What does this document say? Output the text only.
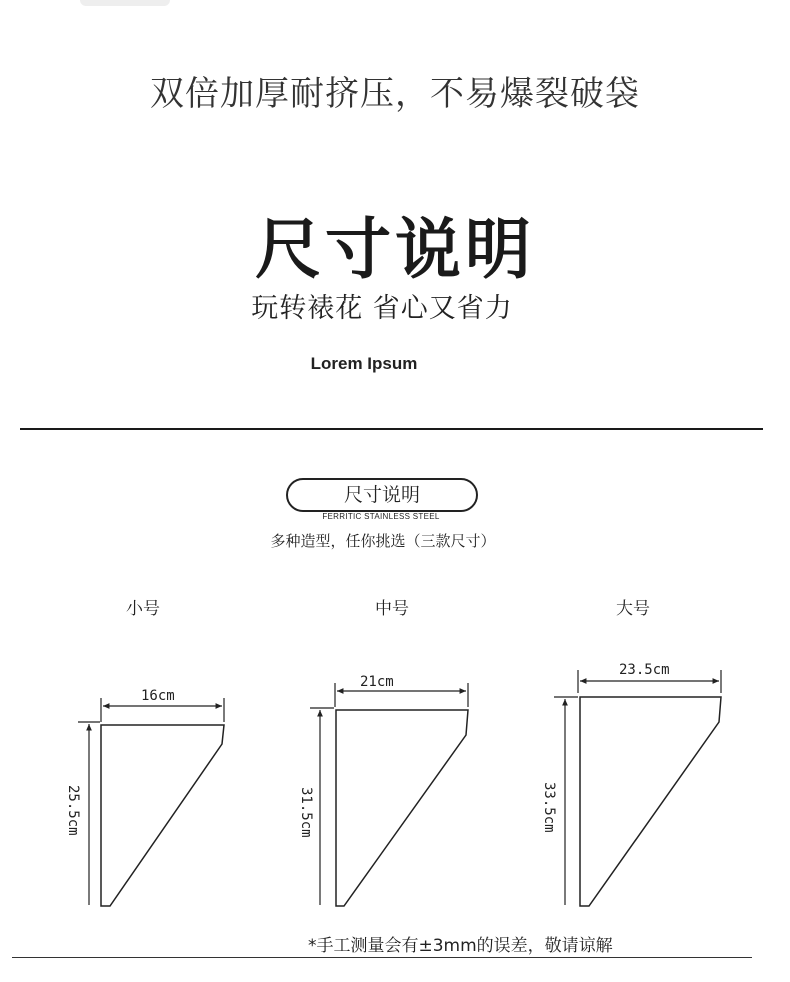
双倍加厚耐挤压，不易爆裂破袋
尺寸说明
玩转裱花 省心又省力
Lorem Ipsum
尺寸说明
FERRITIC STAINLESS STEEL
多种造型，任你挑选（三款尺寸）
小号	中号	大号
16cm
25.5cm
21cm
31.5cm
23.5cm
33.5cm
*手工测量会有±3mm的误差，敬请谅解
